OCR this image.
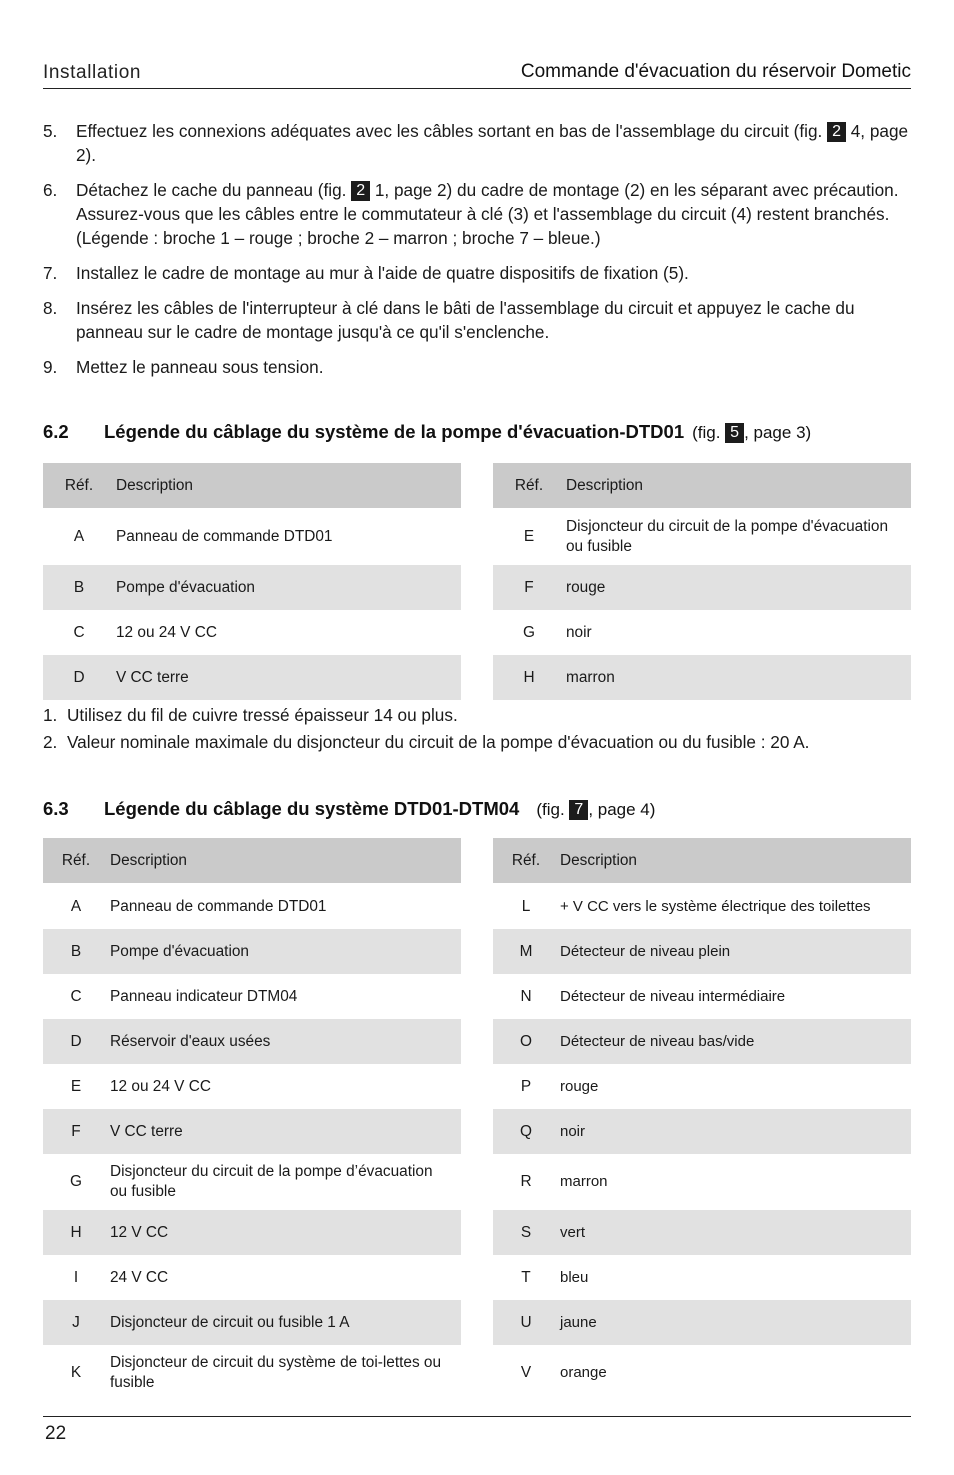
Installation	Commande d'évacuation du réservoir Dometic
5. Effectuez les connexions adéquates avec les câbles sortant en bas de l'assemblage du circuit (fig. 2 4, page 2).
6. Détachez le cache du panneau (fig. 2 1, page 2) du cadre de montage (2) en les séparant avec précaution. Assurez-vous que les câbles entre le commutateur à clé (3) et l'assemblage du circuit (4) restent branchés. (Légende : broche 1 – rouge ; broche 2 – marron ; broche 7 – bleue.)
7. Installez le cadre de montage au mur à l'aide de quatre dispositifs de fixation (5).
8. Insérez les câbles de l'interrupteur à clé dans le bâti de l'assemblage du circuit et appuyez le cache du panneau sur le cadre de montage jusqu'à ce qu'il s'enclenche.
9. Mettez le panneau sous tension.
6.2 Légende du câblage du système de la pompe d'évacuation-DTD01 (fig. 5 , page 3)
Réf.	Description
A	Panneau de commande DTD01
B	Pompe d'évacuation
C	12 ou 24 V CC
D	V CC terre
Réf.	Description
E	Disjoncteur du circuit de la pompe d'évacuation ou fusible
F	rouge
G	noir
H	marron
1. Utilisez du fil de cuivre tressé épaisseur 14 ou plus.
2. Valeur nominale maximale du disjoncteur du circuit de la pompe d'évacuation ou du fusible : 20 A.
6.3 Légende du câblage du système DTD01-DTM04 (fig. 7 , page 4)
Réf.	Description
A	Panneau de commande DTD01
B	Pompe d'évacuation
C	Panneau indicateur DTM04
D	Réservoir d'eaux usées
E	12 ou 24 V CC
F	V CC terre
G	Disjoncteur du circuit de la pompe d’évacuation ou fusible
H	12 V CC
I	24 V CC
J	Disjoncteur de circuit ou fusible 1 A
K	Disjoncteur de circuit du système de toi-lettes ou fusible
Réf.	Description
L	+ V CC vers le système électrique des toilettes
M	Détecteur de niveau plein
N	Détecteur de niveau intermédiaire
O	Détecteur de niveau bas/vide
P	rouge
Q	noir
R	marron
S	vert
T	bleu
U	jaune
V	orange
22
